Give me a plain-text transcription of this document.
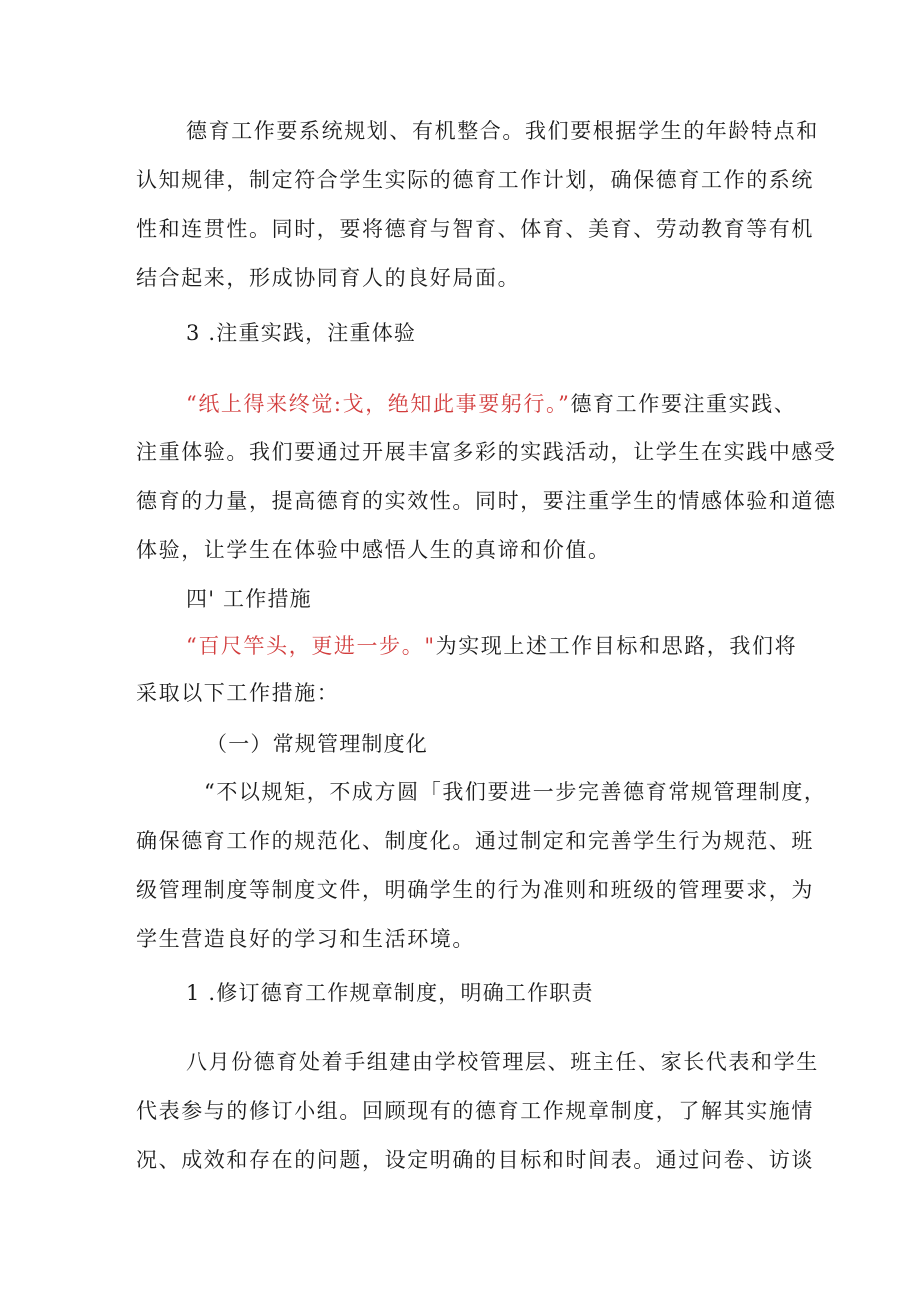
德育工作要系统规划、有机整合。我们要根据学生的年龄特点和
认知规律，制定符合学生实际的德育工作计划，确保德育工作的系统
性和连贯性。同时，要将德育与智育、体育、美育、劳动教育等有机
结合起来，形成协同育人的良好局面。
3 .注重实践，注重体验
“纸上得来终觉:戈，绝知此事要躬行。”德育工作要注重实践、
注重体验。我们要通过开展丰富多彩的实践活动，让学生在实践中感受
德育的力量，提高德育的实效性。同时，要注重学生的情感体验和道德
体验，让学生在体验中感悟人生的真谛和价值。
四' 工作措施
“百尺竿头，更进一步。"为实现上述工作目标和思路，我们将
采取以下工作措施：
（一）常规管理制度化
“不以规矩，不成方圆「我们要进一步完善德育常规管理制度，
确保德育工作的规范化、制度化。通过制定和完善学生行为规范、班
级管理制度等制度文件，明确学生的行为准则和班级的管理要求，为
学生营造良好的学习和生活环境。
1 .修订德育工作规章制度，明确工作职责
八月份德育处着手组建由学校管理层、班主任、家长代表和学生
代表参与的修订小组。回顾现有的德育工作规章制度，了解其实施情
况、成效和存在的问题，设定明确的目标和时间表。通过问卷、访谈
